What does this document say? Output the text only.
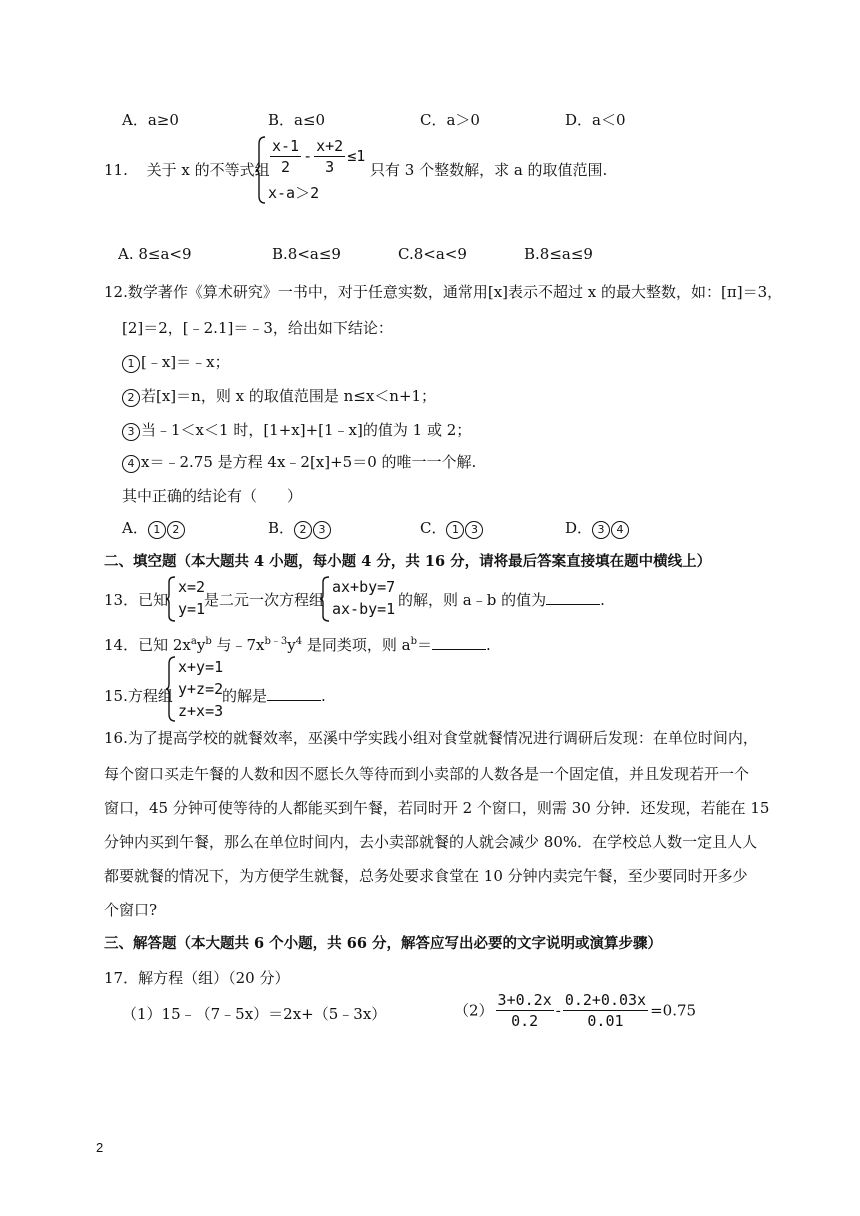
A．a≥0	B．a≤0	C．a＞0	D．a＜0
11. 关于 x 的不等式组 $\frac{x-1}{2} - \frac{x+2}{3} \le 1$
x-a＞2
只有 3 个整数解，求 a 的取值范围.
A. 8≤a<9	B.8<a≤9	C.8<a<9	B.8≤a≤9
12.数学著作《算术研究》一书中，对于任意实数，通常用[x]表示不超过 x 的最大整数，如：[π]＝3，
[2]＝2，[﹣2.1]＝﹣3，给出如下结论：
1 [﹣x]＝﹣x；
2 若[x]＝n，则 x 的取值范围是 n≤x＜n+1；
3 当﹣1＜x＜1 时，[1+x]+[1﹣x]的值为 1 或 2；
4 x＝﹣2.75 是方程 4x﹣2[x]+5＝0 的唯一一个解.
其中正确的结论有（　　）
A． 1 2	B． 2 3	C． 1 3	D． 3 4
二、填空题（本大题共 4 小题，每小题 4 分，共 16 分，请将最后答案直接填在题中横线上）
13．已知
x=2
y=1
是二元一次方程组
ax+by=7
ax-by=1 的解，则 a﹣b 的值为	.
14．已知 $2x^ay^b$ 与$﹣7x^{b﹣3}y^4$ 是同类项，则 $a^b=$	.
15.方程组
x+y=1
y+z=2
z+x=3
的解是	.
16.为了提高学校的就餐效率，巫溪中学实践小组对食堂就餐情况进行调研后发现：在单位时间内，
每个窗口买走午餐的人数和因不愿长久等待而到小卖部的人数各是一个固定值，并且发现若开一个
窗口，45 分钟可使等待的人都能买到午餐，若同时开 2 个窗口，则需 30 分钟．还发现，若能在 15
分钟内买到午餐，那么在单位时间内，去小卖部就餐的人就会减少 80%．在学校总人数一定且人人
都要就餐的情况下，为方便学生就餐，总务处要求食堂在 10 分钟内卖完午餐，至少要同时开多少
个窗口?
三、解答题（本大题共 6 个小题，共 66 分，解答应写出必要的文字说明或演算步骤）
17．解方程（组）（20 分）
（1）15﹣（7﹣5x）＝2x+（5﹣3x）	$(2) \frac{3+0.2x}{0.2} - \frac{0.2+0.03x}{0.01} =0.75$
2
